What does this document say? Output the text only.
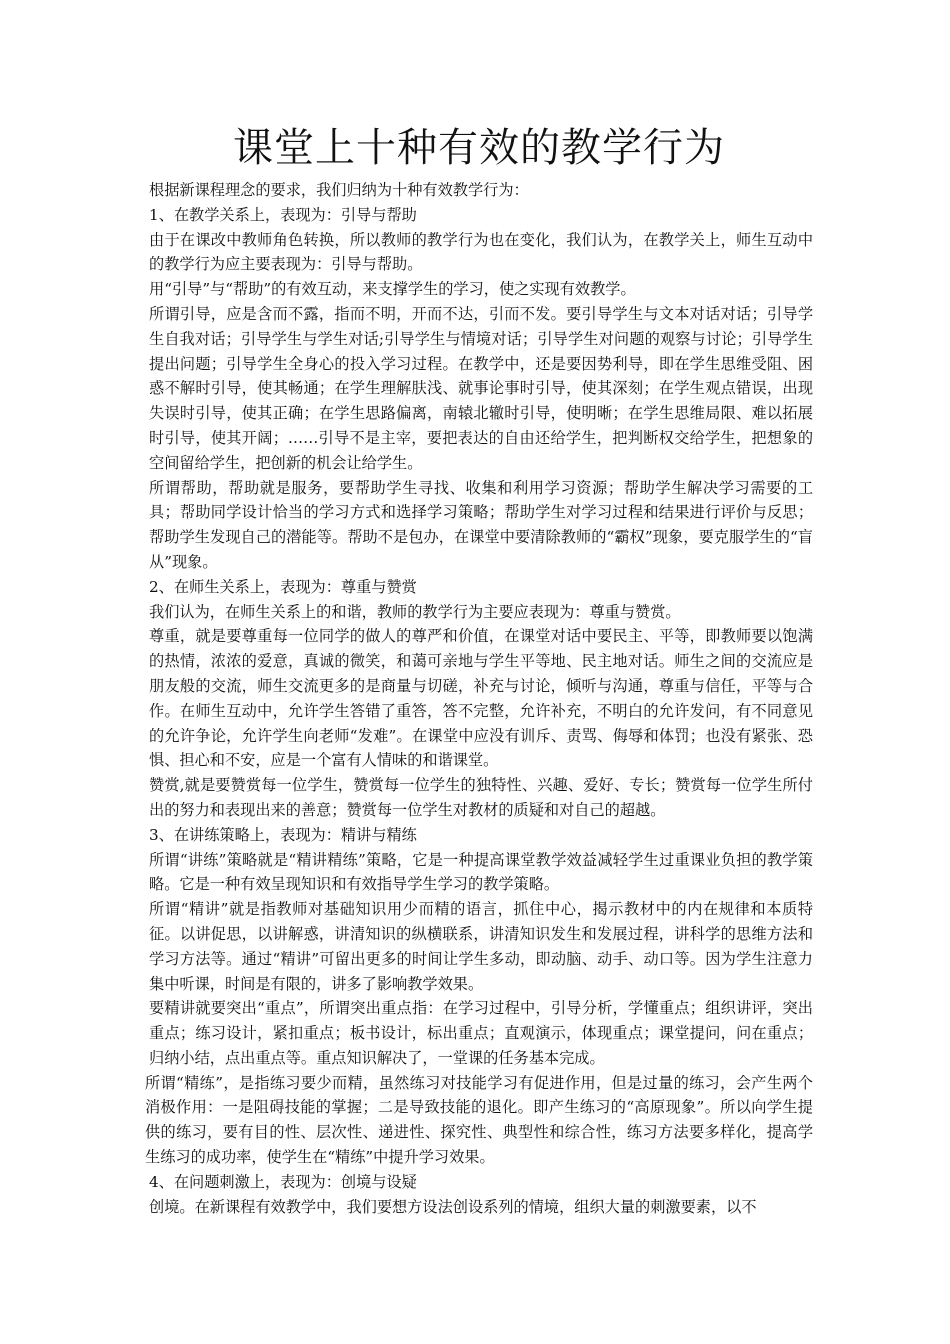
课堂上十种有效的教学行为

根据新课程理念的要求，我们归纳为十种有效教学行为：

1、在教学关系上，表现为：引导与帮助

由于在课改中教师角色转换，所以教师的教学行为也在变化，我们认为，在教学关上，师生互动中的教学行为应主要表现为：引导与帮助。

用“引导”与“帮助”的有效互动，来支撑学生的学习，使之实现有效教学。

所谓引导，应是含而不露，指而不明，开而不达，引而不发。要引导学生与文本对话对话；引导学生自我对话；引导学生与学生对话;引导学生与情境对话；引导学生对问题的观察与讨论；引导学生提出问题；引导学生全身心的投入学习过程。在教学中，还是要因势利导，即在学生思维受阻、困惑不解时引导，使其畅通；在学生理解肤浅、就事论事时引导，使其深刻；在学生观点错误，出现失误时引导，使其正确；在学生思路偏离，南辕北辙时引导，使明晰；在学生思维局限、难以拓展时引导，使其开阔；……引导不是主宰，要把表达的自由还给学生，把判断权交给学生，把想象的空间留给学生，把创新的机会让给学生。

所谓帮助，帮助就是服务，要帮助学生寻找、收集和利用学习资源；帮助学生解决学习需要的工具；帮助同学设计恰当的学习方式和选择学习策略；帮助学生对学习过程和结果进行评价与反思；帮助学生发现自己的潜能等。帮助不是包办，在课堂中要清除教师的“霸权”现象，要克服学生的“盲从”现象。

2、在师生关系上，表现为：尊重与赞赏

我们认为，在师生关系上的和谐，教师的教学行为主要应表现为：尊重与赞赏。

尊重，就是要尊重每一位同学的做人的尊严和价值，在课堂对话中要民主、平等，即教师要以饱满的热情，浓浓的爱意，真诚的微笑，和蔼可亲地与学生平等地、民主地对话。师生之间的交流应是朋友般的交流，师生交流更多的是商量与切磋，补充与讨论，倾听与沟通，尊重与信任，平等与合作。在师生互动中，允许学生答错了重答，答不完整，允许补充，不明白的允许发问，有不同意见的允许争论，允许学生向老师“发难”。在课堂中应没有训斥、责骂、侮辱和体罚；也没有紧张、恐惧、担心和不安，应是一个富有人情味的和谐课堂。

赞赏,就是要赞赏每一位学生，赞赏每一位学生的独特性、兴趣、爱好、专长；赞赏每一位学生所付出的努力和表现出来的善意；赞赏每一位学生对教材的质疑和对自己的超越。

3、在讲练策略上，表现为：精讲与精练

所谓“讲练”策略就是“精讲精练”策略，它是一种提高课堂教学效益减轻学生过重课业负担的教学策略。它是一种有效呈现知识和有效指导学生学习的教学策略。

所谓“精讲”就是指教师对基础知识用少而精的语言，抓住中心，揭示教材中的内在规律和本质特征。以讲促思，以讲解惑，讲清知识的纵横联系，讲清知识发生和发展过程，讲科学的思维方法和学习方法等。通过“精讲”可留出更多的时间让学生多动，即动脑、动手、动口等。因为学生注意力集中听课，时间是有限的，讲多了影响教学效果。

要精讲就要突出“重点”，所谓突出重点指：在学习过程中，引导分析，学懂重点；组织讲评，突出重点；练习设计，紧扣重点；板书设计，标出重点；直观演示，体现重点；课堂提问，问在重点；归纳小结，点出重点等。重点知识解决了，一堂课的任务基本完成。

所谓“精练”，是指练习要少而精，虽然练习对技能学习有促进作用，但是过量的练习，会产生两个消极作用：一是阻碍技能的掌握；二是导致技能的退化。即产生练习的“高原现象”。所以向学生提供的练习，要有目的性、层次性、递进性、探究性、典型性和综合性，练习方法要多样化，提高学生练习的成功率，使学生在“精练”中提升学习效果。

4、在问题刺激上，表现为：创境与设疑

创境。在新课程有效教学中，我们要想方设法创设系列的情境，组织大量的刺激要素，以不
